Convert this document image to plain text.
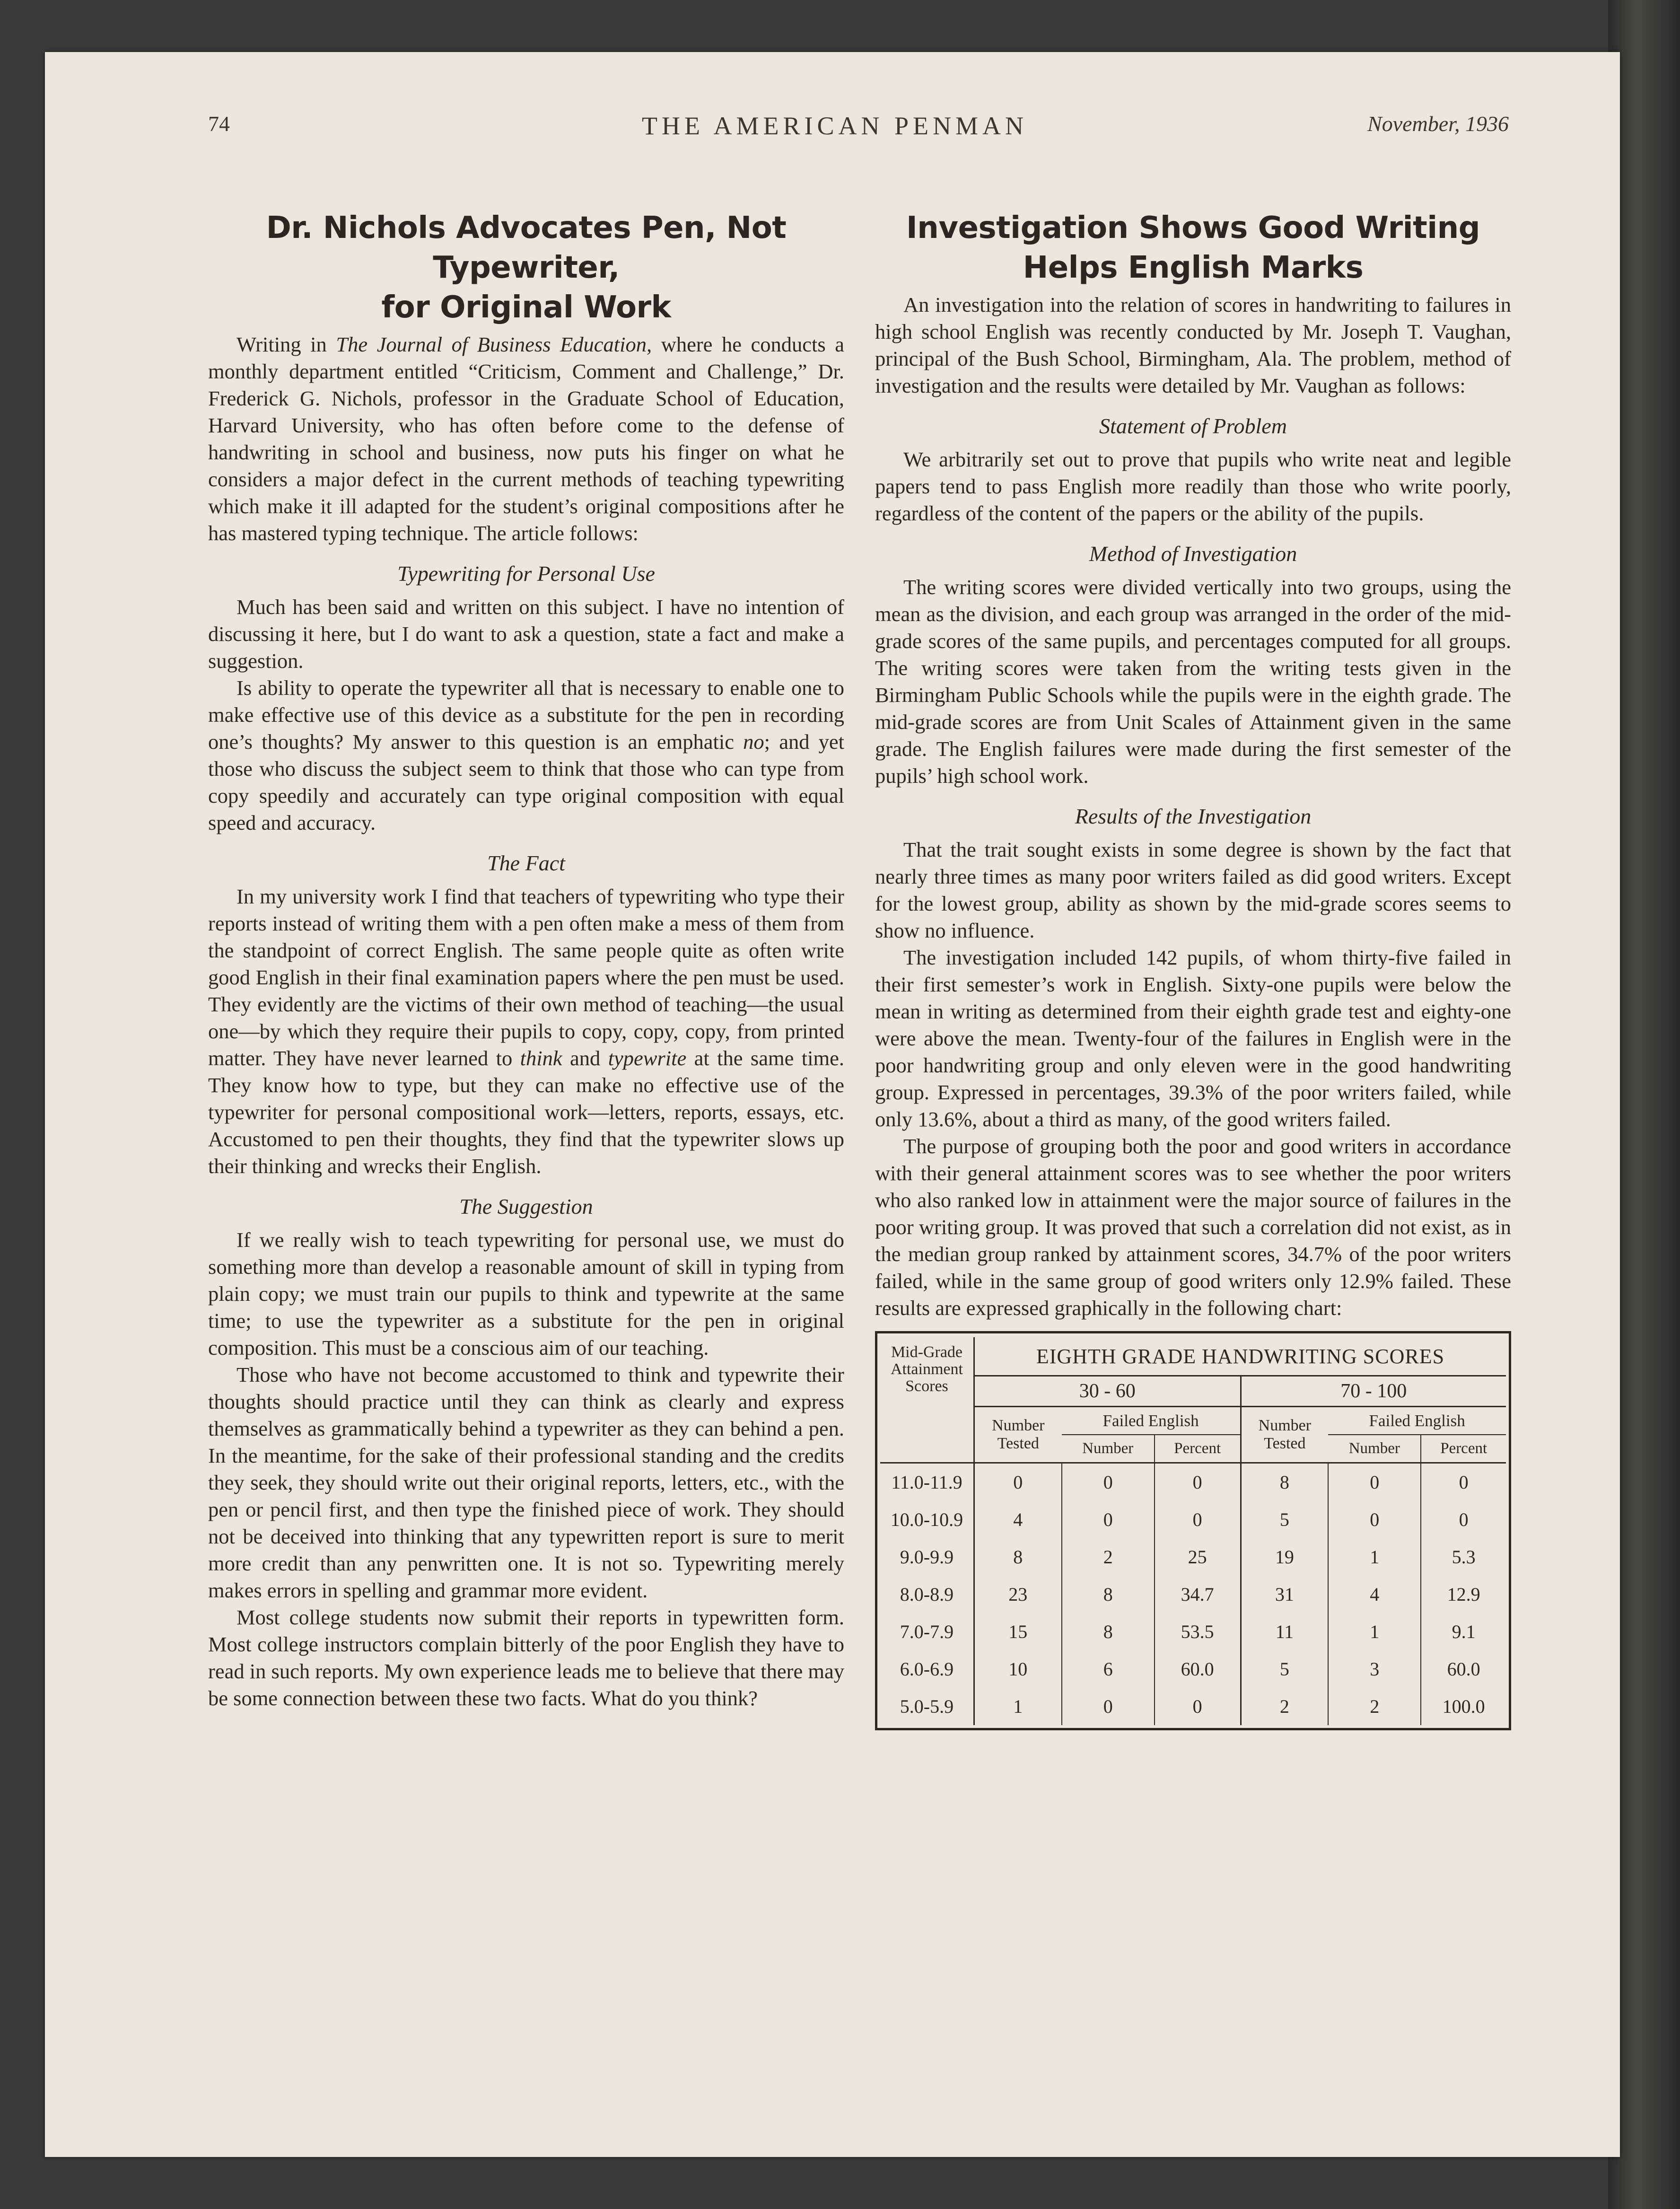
74	THE AMERICAN PENMAN	November, 1936
Dr. Nichols Advocates Pen, Not Typewriter,
for Original Work

Writing in The Journal of Business Education, where he conducts a monthly department entitled “Criticism, Comment and Challenge,” Dr. Frederick G. Nichols, professor in the Graduate School of Education, Harvard University, who has often before come to the defense of handwriting in school and business, now puts his finger on what he considers a major defect in the current methods of teaching typewriting which make it ill adapted for the student’s original compositions after he has mastered typing technique. The article follows:

Typewriting for Personal Use

Much has been said and written on this subject. I have no intention of discussing it here, but I do want to ask a question, state a fact and make a suggestion.

Is ability to operate the typewriter all that is necessary to enable one to make effective use of this device as a substitute for the pen in recording one’s thoughts? My answer to this question is an emphatic no; and yet those who discuss the subject seem to think that those who can type from copy speedily and accurately can type original composition with equal speed and accuracy.

The Fact

In my university work I find that teachers of typewriting who type their reports instead of writing them with a pen often make a mess of them from the standpoint of correct English. The same people quite as often write good English in their final examination papers where the pen must be used. They evidently are the victims of their own method of teaching—the usual one—by which they require their pupils to copy, copy, copy, from printed matter. They have never learned to think and typewrite at the same time. They know how to type, but they can make no effective use of the typewriter for personal compositional work—letters, reports, essays, etc. Accustomed to pen their thoughts, they find that the typewriter slows up their thinking and wrecks their English.

The Suggestion

If we really wish to teach typewriting for personal use, we must do something more than develop a reasonable amount of skill in typing from plain copy; we must train our pupils to think and typewrite at the same time; to use the typewriter as a substitute for the pen in original composition. This must be a conscious aim of our teaching.

Those who have not become accustomed to think and typewrite their thoughts should practice until they can think as clearly and express themselves as grammatically behind a typewriter as they can behind a pen. In the meantime, for the sake of their professional standing and the credits they seek, they should write out their original reports, letters, etc., with the pen or pencil first, and then type the finished piece of work. They should not be deceived into thinking that any typewritten report is sure to merit more credit than any penwritten one. It is not so. Typewriting merely makes errors in spelling and grammar more evident.

Most college students now submit their reports in typewritten form. Most college instructors complain bitterly of the poor English they have to read in such reports. My own experience leads me to believe that there may be some connection between these two facts. What do you think?

Investigation Shows Good Writing
Helps English Marks

An investigation into the relation of scores in handwriting to failures in high school English was recently conducted by Mr. Joseph T. Vaughan, principal of the Bush School, Birmingham, Ala. The problem, method of investigation and the results were detailed by Mr. Vaughan as follows:

Statement of Problem

We arbitrarily set out to prove that pupils who write neat and legible papers tend to pass English more readily than those who write poorly, regardless of the content of the papers or the ability of the pupils.

Method of Investigation

The writing scores were divided vertically into two groups, using the mean as the division, and each group was arranged in the order of the mid-grade scores of the same pupils, and percentages computed for all groups. The writing scores were taken from the writing tests given in the Birmingham Public Schools while the pupils were in the eighth grade. The mid-grade scores are from Unit Scales of Attainment given in the same grade. The English failures were made during the first semester of the pupils’ high school work.

Results of the Investigation

That the trait sought exists in some degree is shown by the fact that nearly three times as many poor writers failed as did good writers. Except for the lowest group, ability as shown by the mid-grade scores seems to show no influence.

The investigation included 142 pupils, of whom thirty-five failed in their first semester’s work in English. Sixty-one pupils were below the mean in writing as determined from their eighth grade test and eighty-one were above the mean. Twenty-four of the failures in English were in the poor handwriting group and only eleven were in the good handwriting group. Expressed in percentages, 39.3% of the poor writers failed, while only 13.6%, about a third as many, of the good writers failed.

The purpose of grouping both the poor and good writers in accordance with their general attainment scores was to see whether the poor writers who also ranked low in attainment were the major source of failures in the poor writing group. It was proved that such a correlation did not exist, as in the median group ranked by attainment scores, 34.7% of the poor writers failed, while in the same group of good writers only 12.9% failed. These results are expressed graphically in the following chart:

Mid-Grade Attainment Scores	EIGHTH GRADE HANDWRITING SCORES					
	30 - 60			70 - 100		
	Number Tested	Failed English		Number Tested	Failed English	
		Number	Percent		Number	Percent
11.0-11.9	0	0	0	8	0	0
10.0-10.9	4	0	0	5	0	0
9.0-9.9	8	2	25	19	1	5.3
8.0-8.9	23	8	34.7	31	4	12.9
7.0-7.9	15	8	53.5	11	1	9.1
6.0-6.9	10	6	60.0	5	3	60.0
5.0-5.9	1	0	0	2	2	100.0
